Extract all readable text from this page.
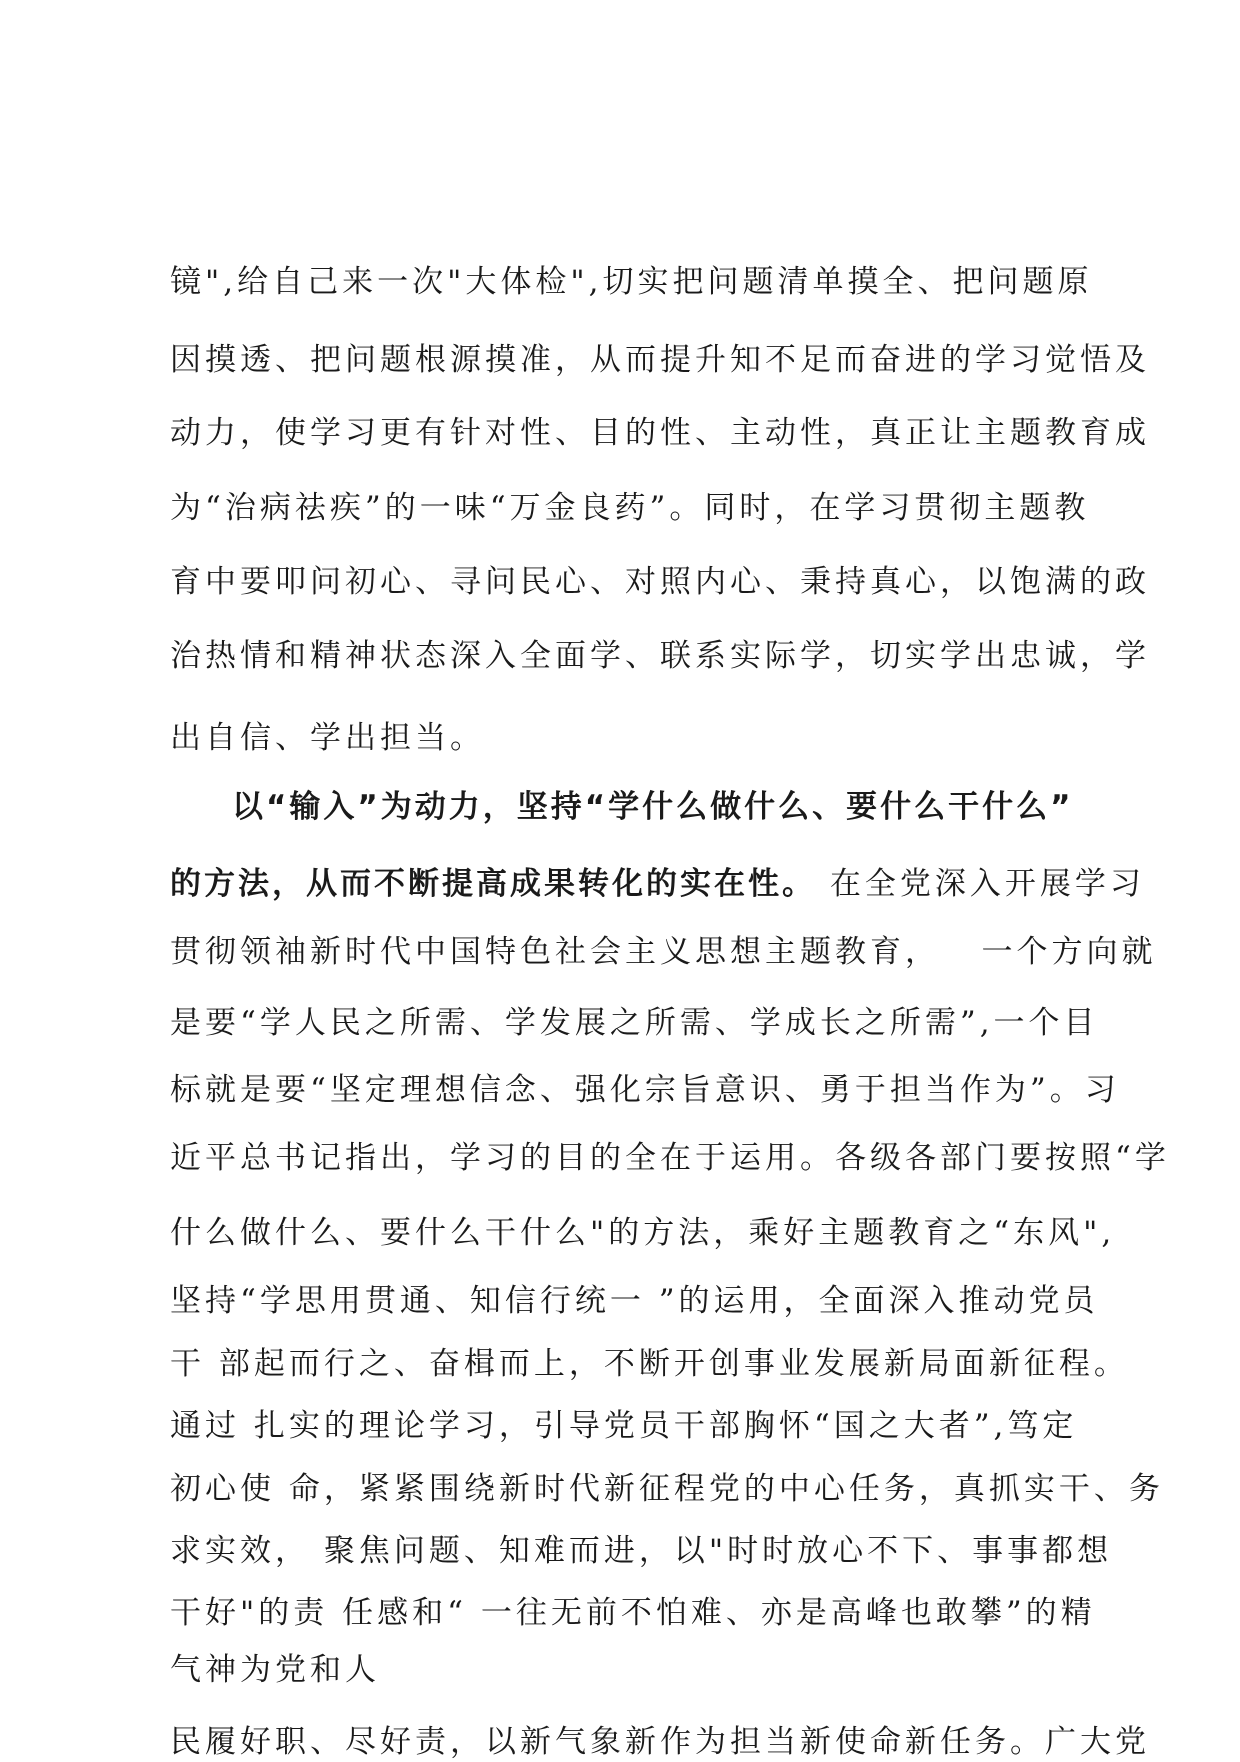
镜",给自己来一次"大体检",切实把问题清单摸全、把问题原
因摸透、把问题根源摸准，从而提升知不足而奋进的学习觉悟及
动力，使学习更有针对性、目的性、主动性，真正让主题教育成
为“治病祛疾”的一味“万金良药”。同时，在学习贯彻主题教
育中要叩问初心、寻问民心、对照内心、秉持真心，以饱满的政
治热情和精神状态深入全面学、联系实际学，切实学出忠诚，学
出自信、学出担当。
以“输入”为动力，坚持“学什么做什么、要什么干什么”
的方法，从而不断提高成果转化的实在性。 在全党深入开展学习
贯彻领袖新时代中国特色社会主义思想主题教育，   一个方向就
是要“学人民之所需、学发展之所需、学成长之所需”,一个目
标就是要“坚定理想信念、强化宗旨意识、勇于担当作为”。习
近平总书记指出，学习的目的全在于运用。各级各部门要按照“学
什么做什么、要什么干什么"的方法，乘好主题教育之“东风",
坚持“学思用贯通、知信行统一 ”的运用，全面深入推动党员
干 部起而行之、奋楫而上，不断开创事业发展新局面新征程。
通过 扎实的理论学习，引导党员干部胸怀“国之大者”,笃定
初心使 命，紧紧围绕新时代新征程党的中心任务，真抓实干、务
求实效， 聚焦问题、知难而进，以"时时放心不下、事事都想
干好"的责 任感和“ 一往无前不怕难、亦是高峰也敢攀”的精
气神为党和人
民履好职、尽好责，以新气象新作为担当新使命新任务。广大党
